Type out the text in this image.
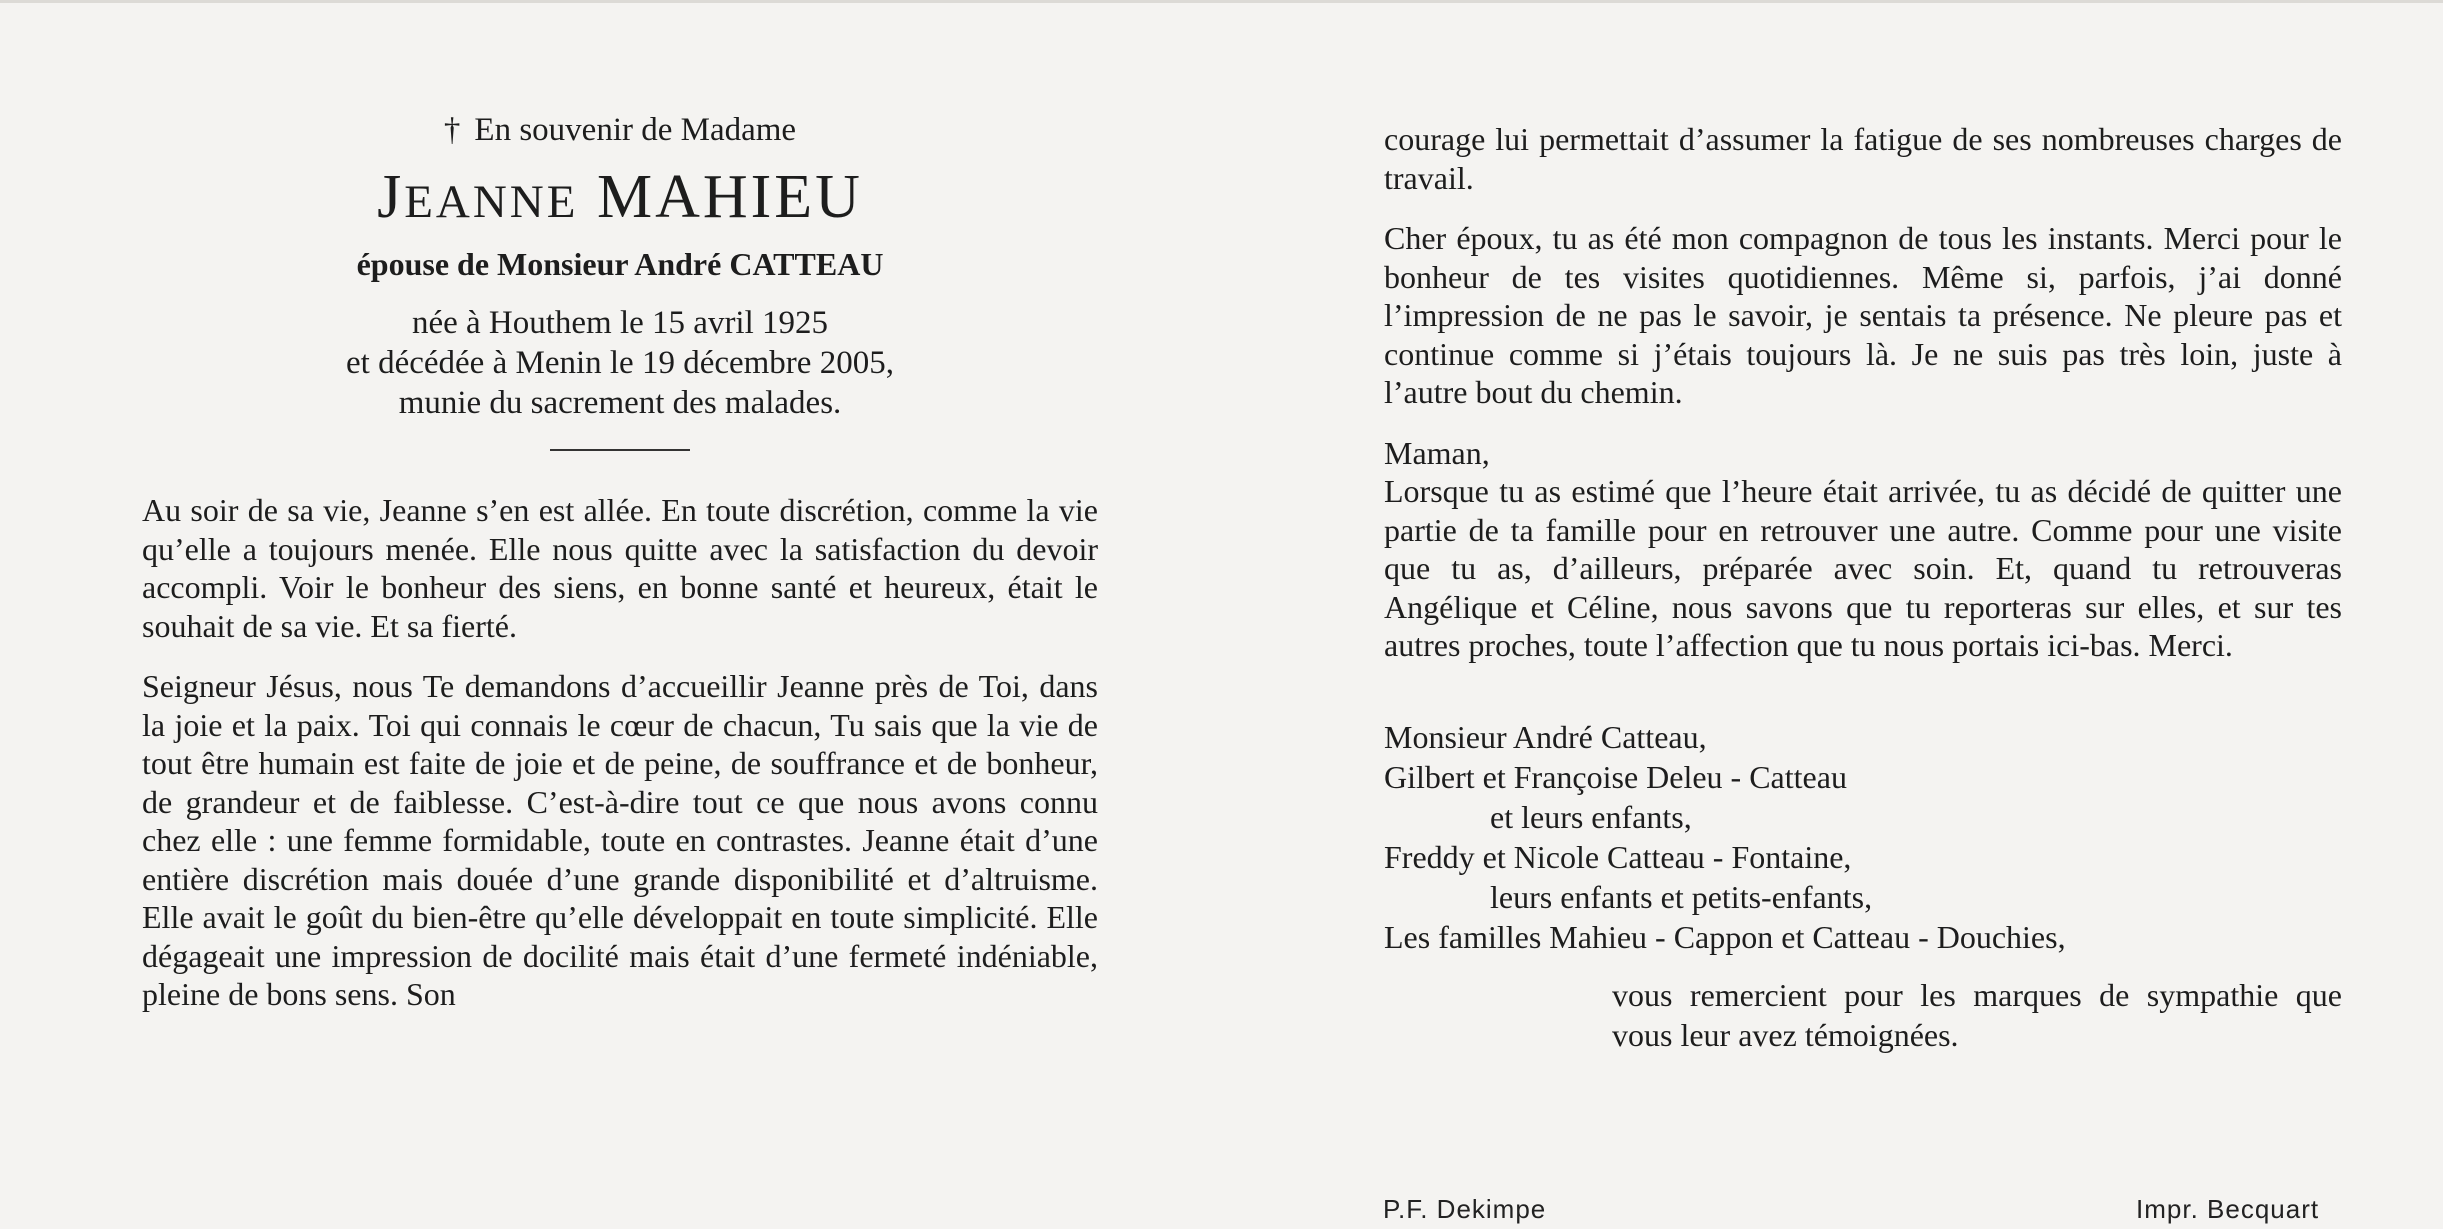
† En souvenir de Madame
JEANNE MAHIEU
épouse de Monsieur André CATTEAU
née à Houthem le 15 avril 1925
et décédée à Menin le 19 décembre 2005,
munie du sacrement des malades.

Au soir de sa vie, Jeanne s’en est allée. En toute discrétion, comme la vie qu’elle a toujours menée. Elle nous quitte avec la satisfaction du devoir accompli. Voir le bonheur des siens, en bonne santé et heureux, était le souhait de sa vie. Et sa fierté.

Seigneur Jésus, nous Te demandons d’accueillir Jeanne près de Toi, dans la joie et la paix. Toi qui connais le cœur de chacun, Tu sais que la vie de tout être humain est faite de joie et de peine, de souffrance et de bonheur, de grandeur et de faiblesse. C’est-à-dire tout ce que nous avons connu chez elle : une femme formidable, toute en contrastes. Jeanne était d’une entière discrétion mais douée d’une grande disponibilité et d’altruisme. Elle avait le goût du bien-être qu’elle développait en toute simplicité. Elle dégageait une impression de docilité mais était d’une fermeté indéniable, pleine de bons sens. Son

courage lui permettait d’assumer la fatigue de ses nombreuses charges de travail.

Cher époux, tu as été mon compagnon de tous les instants. Merci pour le bonheur de tes visites quotidiennes. Même si, parfois, j’ai donné l’impression de ne pas le savoir, je sentais ta présence. Ne pleure pas et continue comme si j’étais toujours là. Je ne suis pas très loin, juste à l’autre bout du chemin.

Maman,
Lorsque tu as estimé que l’heure était arrivée, tu as décidé de quitter une partie de ta famille pour en retrouver une autre. Comme pour une visite que tu as, d’ailleurs, préparée avec soin. Et, quand tu retrouveras Angélique et Céline, nous savons que tu reporteras sur elles, et sur tes autres proches, toute l’affection que tu nous portais ici-bas. Merci.
Monsieur André Catteau,
Gilbert et Françoise Deleu - Catteau
et leurs enfants,
Freddy et Nicole Catteau - Fontaine,
leurs enfants et petits-enfants,
Les familles Mahieu - Cappon et Catteau - Douchies,
vous remercient pour les marques de sympathie que vous leur avez témoignées.
P.F. Dekimpe	Impr. Becquart
